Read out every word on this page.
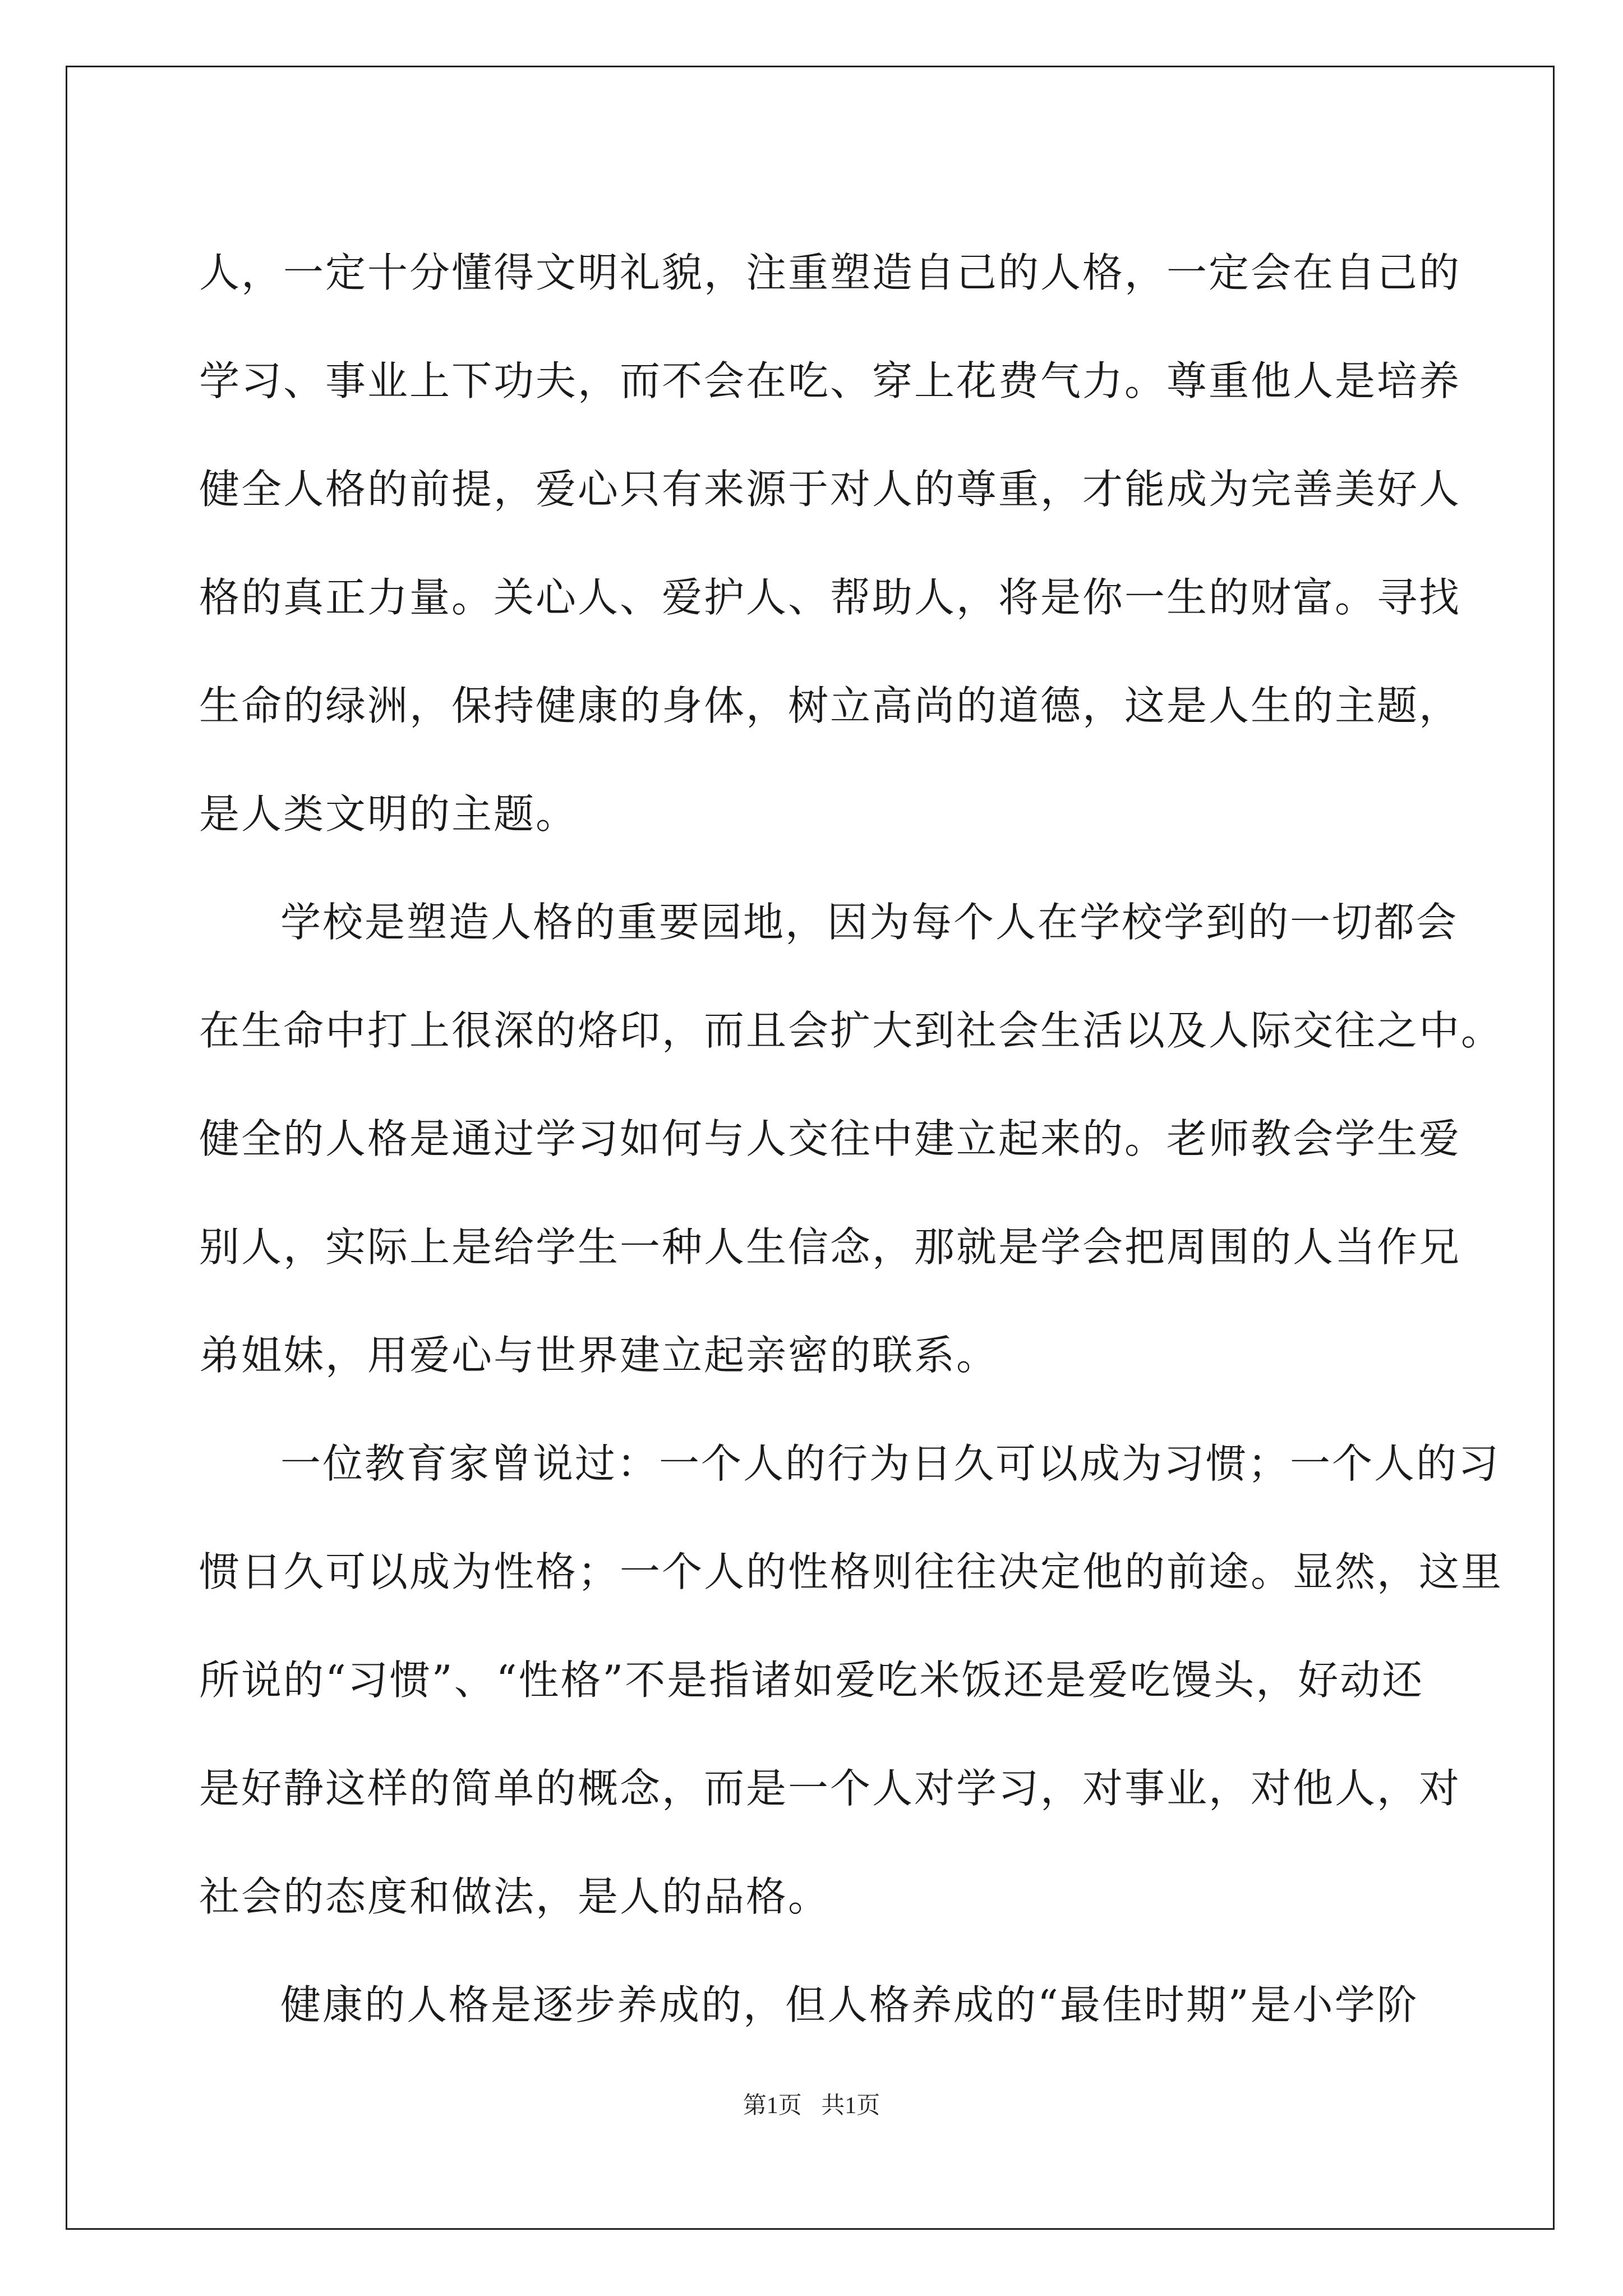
人，一定十分懂得文明礼貌，注重塑造自己的人格，一定会在自己的
学习、事业上下功夫，而不会在吃、穿上花费气力。尊重他人是培养
健全人格的前提，爱心只有来源于对人的尊重，才能成为完善美好人
格的真正力量。关心人、爱护人、帮助人，将是你一生的财富。寻找
生命的绿洲，保持健康的身体，树立高尚的道德，这是人生的主题，
是人类文明的主题。

学校是塑造人格的重要园地，因为每个人在学校学到的一切都会
在生命中打上很深的烙印，而且会扩大到社会生活以及人际交往之中。
健全的人格是通过学习如何与人交往中建立起来的。老师教会学生爱
别人，实际上是给学生一种人生信念，那就是学会把周围的人当作兄
弟姐妹，用爱心与世界建立起亲密的联系。

一位教育家曾说过：一个人的行为日久可以成为习惯；一个人的习
惯日久可以成为性格；一个人的性格则往往决定他的前途。显然，这里
所说的“习惯”、“性格”不是指诸如爱吃米饭还是爱吃馒头，好动还
是好静这样的简单的概念，而是一个人对学习，对事业，对他人，对
社会的态度和做法，是人的品格。

健康的人格是逐步养成的，但人格养成的“最佳时期”是小学阶

第1页 共1页
